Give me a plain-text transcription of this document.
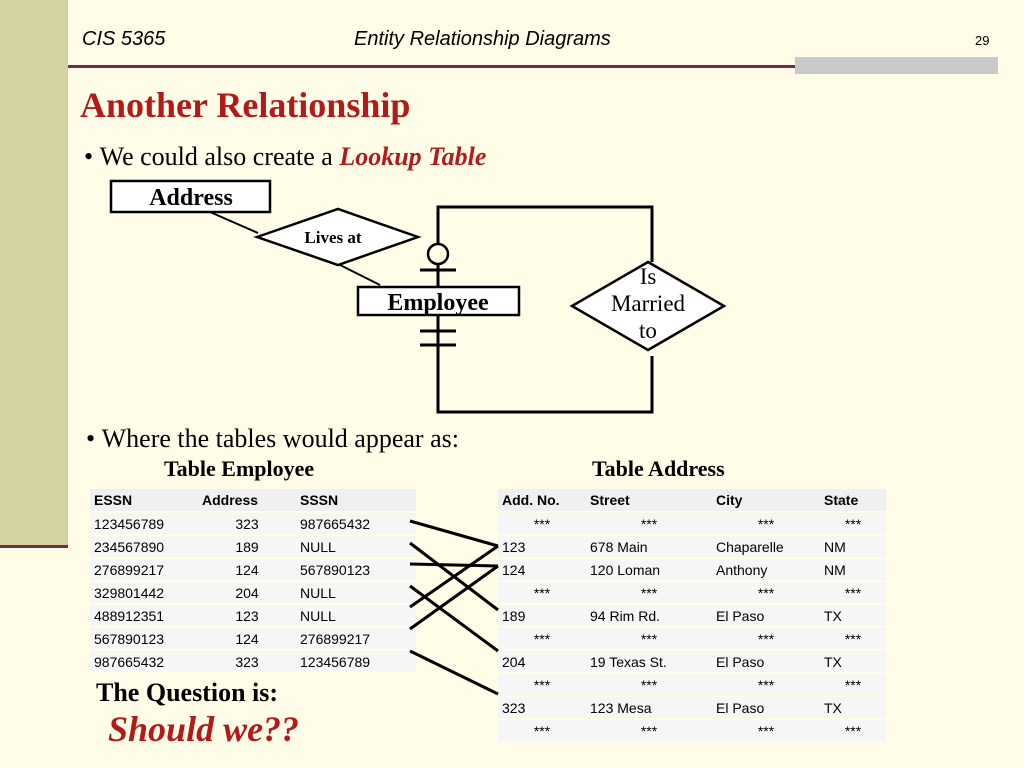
CIS 5365	Entity Relationship Diagrams	29
Another Relationship
• We could also create a Lookup Table
Address
Lives at
Employee
Is
Married
to
• Where the tables would appear as:
Table Employee	Table Address
ESSN	Address	SSSN
123456789	323	987665432
234567890	189	NULL
276899217	124	567890123
329801442	204	NULL
488912351	123	NULL
567890123	124	276899217
987665432	323	123456789
Add. No.	Street	City	State
***	***	***	***
123	678 Main	Chaparelle	NM
124	120 Loman	Anthony	NM
***	***	***	***
189	94 Rim Rd.	El Paso	TX
***	***	***	***
204	19 Texas St.	El Paso	TX
***	***	***	***
323	123 Mesa	El Paso	TX
***	***	***	***
The Question is:
Should we??
